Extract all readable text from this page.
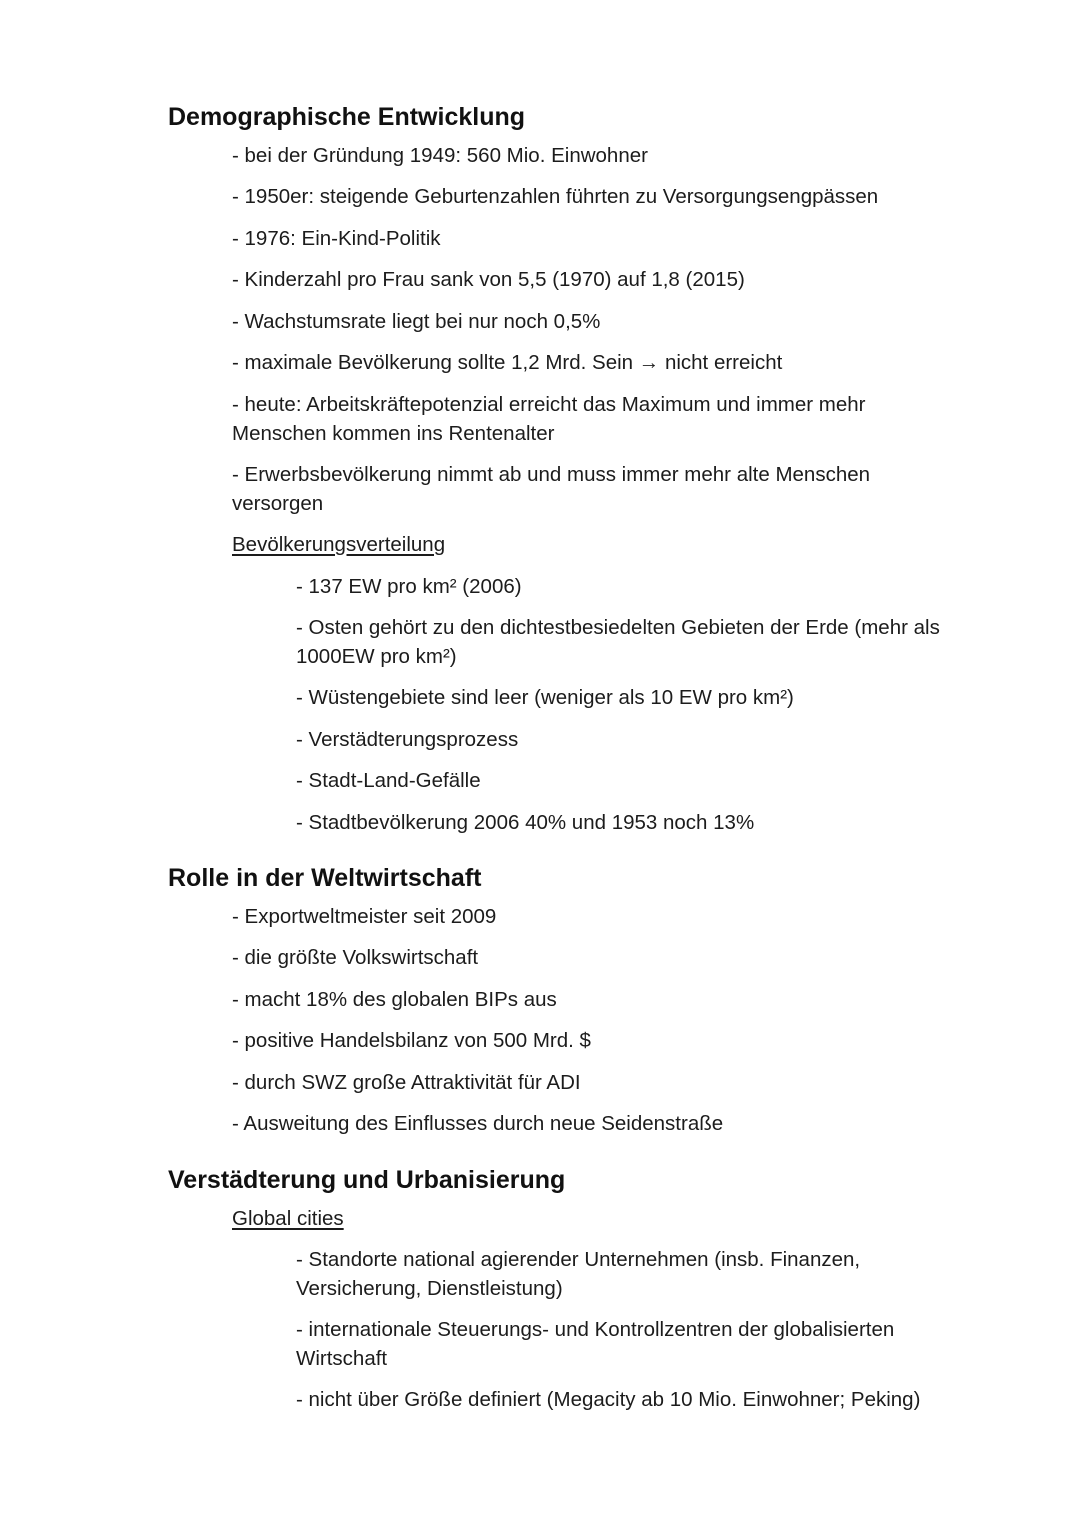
Demographische Entwicklung

- bei der Gründung 1949: 560 Mio. Einwohner

- 1950er: steigende Geburtenzahlen führten zu Versorgungsengpässen

- 1976: Ein-Kind-Politik

- Kinderzahl pro Frau sank von 5,5 (1970) auf 1,8 (2015)

- Wachstumsrate liegt bei nur noch 0,5%

- maximale Bevölkerung sollte 1,2 Mrd. Sein → nicht erreicht

- heute: Arbeitskräftepotenzial erreicht das Maximum und immer mehr Menschen kommen ins Rentenalter

- Erwerbsbevölkerung nimmt ab und muss immer mehr alte Menschen versorgen

Bevölkerungsverteilung

- 137 EW pro km² (2006)

- Osten gehört zu den dichtestbesiedelten Gebieten der Erde (mehr als 1000EW pro km²)

- Wüstengebiete sind leer (weniger als 10 EW pro km²)

- Verstädterungsprozess

- Stadt-Land-Gefälle

- Stadtbevölkerung 2006 40% und 1953 noch 13%

Rolle in der Weltwirtschaft

- Exportweltmeister seit 2009

- die größte Volkswirtschaft

- macht 18% des globalen BIPs aus

- positive Handelsbilanz von 500 Mrd. $

- durch SWZ große Attraktivität für ADI

- Ausweitung des Einflusses durch neue Seidenstraße

Verstädterung und Urbanisierung

Global cities

- Standorte national agierender Unternehmen (insb. Finanzen, Versicherung, Dienstleistung)

- internationale Steuerungs- und Kontrollzentren der globalisierten Wirtschaft

- nicht über Größe definiert (Megacity ab 10 Mio. Einwohner; Peking)
